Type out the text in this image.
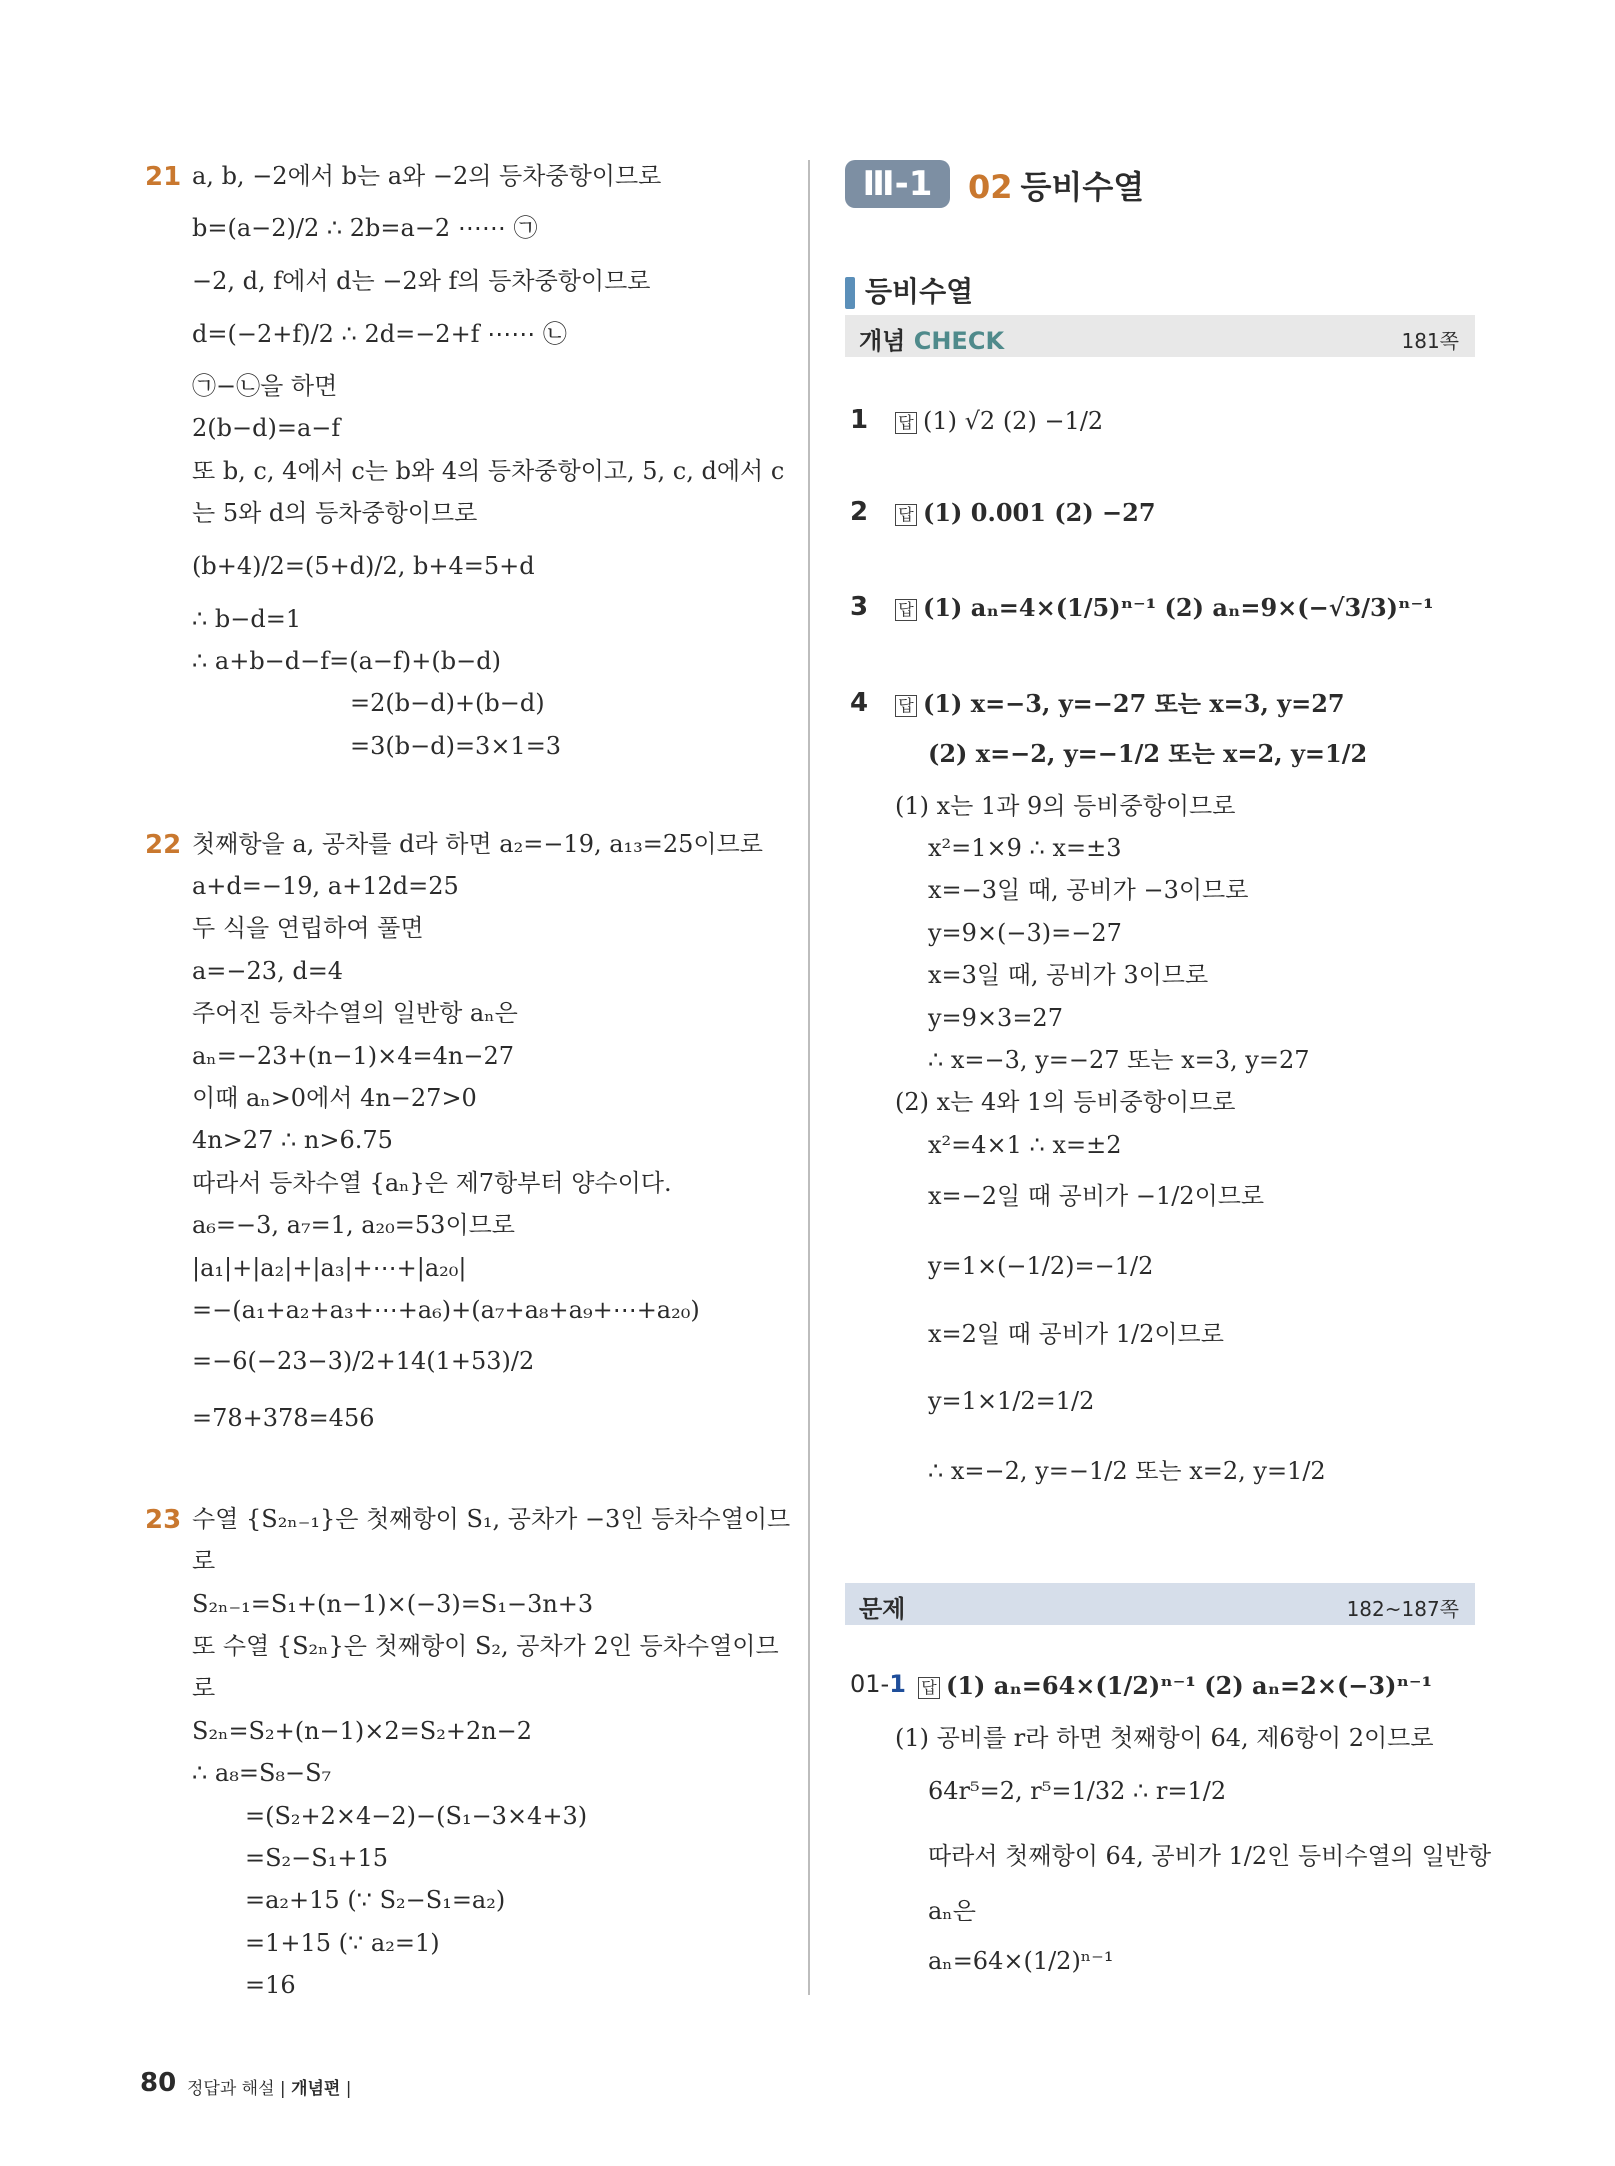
21 a, b, −2에서 b는 a와 −2의 등차중항이므로
b=(a−2)/2 ∴ 2b=a−2 ⋯⋯ ㉠
−2, d, f에서 d는 −2와 f의 등차중항이므로
d=(−2+f)/2 ∴ 2d=−2+f ⋯⋯ ㉡
㉠−㉡을 하면
2(b−d)=a−f
또 b, c, 4에서 c는 b와 4의 등차중항이고, 5, c, d에서 c
는 5와 d의 등차중항이므로
(b+4)/2=(5+d)/2, b+4=5+d
∴ b−d=1
∴ a+b−d−f=(a−f)+(b−d)
=2(b−d)+(b−d)
=3(b−d)=3×1=3
22 첫째항을 a, 공차를 d라 하면 a₂=−19, a₁₃=25이므로
a+d=−19, a+12d=25
두 식을 연립하여 풀면
a=−23, d=4
주어진 등차수열의 일반항 aₙ은
aₙ=−23+(n−1)×4=4n−27
이때 aₙ>0에서 4n−27>0
4n>27 ∴ n>6.75
따라서 등차수열 {aₙ}은 제7항부터 양수이다.
a₆=−3, a₇=1, a₂₀=53이므로
|a₁|+|a₂|+|a₃|+⋯+|a₂₀|
=−(a₁+a₂+a₃+⋯+a₆)+(a₇+a₈+a₉+⋯+a₂₀)
=−6(−23−3)/2+14(1+53)/2
=78+378=456
23 수열 {S₂ₙ₋₁}은 첫째항이 S₁, 공차가 −3인 등차수열이므
로
S₂ₙ₋₁=S₁+(n−1)×(−3)=S₁−3n+3
또 수열 {S₂ₙ}은 첫째항이 S₂, 공차가 2인 등차수열이므
로
S₂ₙ=S₂+(n−1)×2=S₂+2n−2
∴ a₈=S₈−S₇
=(S₂+2×4−2)−(S₁−3×4+3)
=S₂−S₁+15
=a₂+15 (∵ S₂−S₁=a₂)
=1+15 (∵ a₂=1)
=16
Ⅲ-1	02 등비수열
등비수열
개념 CHECK	181쪽
1 답 (1) √2 (2) −1/2
2 답 (1) 0.001 (2) −27
3 답 (1) aₙ=4×(1/5)ⁿ⁻¹ (2) aₙ=9×(−√3/3)ⁿ⁻¹
4 답 (1) x=−3, y=−27 또는 x=3, y=27
(2) x=−2, y=−1/2 또는 x=2, y=1/2
(1) x는 1과 9의 등비중항이므로
x²=1×9 ∴ x=±3
x=−3일 때, 공비가 −3이므로
y=9×(−3)=−27
x=3일 때, 공비가 3이므로
y=9×3=27
∴ x=−3, y=−27 또는 x=3, y=27
(2) x는 4와 1의 등비중항이므로
x²=4×1 ∴ x=±2
x=−2일 때 공비가 −1/2이므로
y=1×(−1/2)=−1/2
x=2일 때 공비가 1/2이므로
y=1×1/2=1/2
∴ x=−2, y=−1/2 또는 x=2, y=1/2
문제	182~187쪽
01-1 답 (1) aₙ=64×(1/2)ⁿ⁻¹ (2) aₙ=2×(−3)ⁿ⁻¹
(1) 공비를 r라 하면 첫째항이 64, 제6항이 2이므로
64r⁵=2, r⁵=1/32 ∴ r=1/2
따라서 첫째항이 64, 공비가 1/2인 등비수열의 일반항
aₙ은
aₙ=64×(1/2)ⁿ⁻¹
80 정답과 해설 | 개념편 |
